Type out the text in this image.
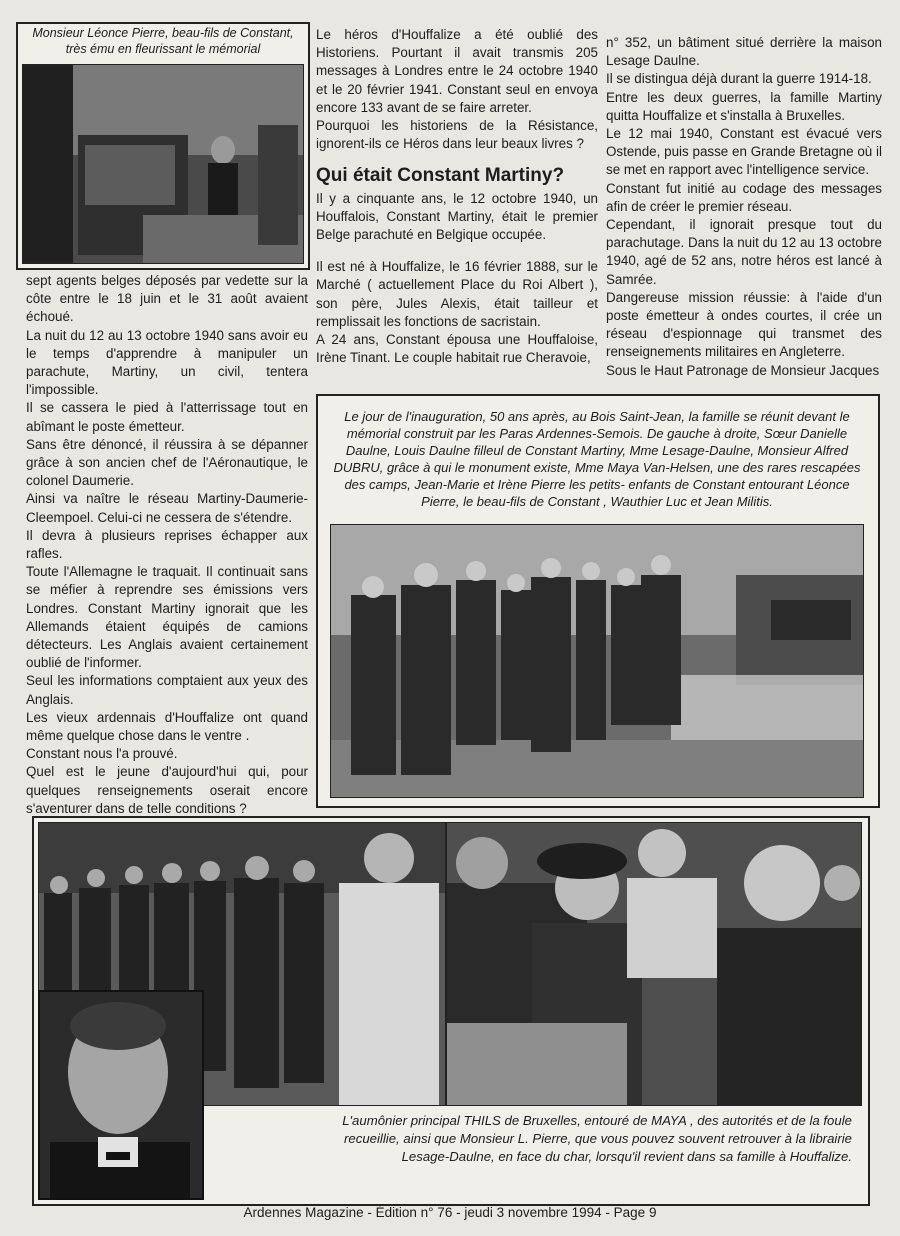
Monsieur Léonce Pierre, beau-fils de Constant, très ému en fleurissant le mémorial

sept agents belges déposés par vedette sur la côte entre le 18 juin et le 31 août avaient échoué.

La nuit du 12 au 13 octobre 1940 sans avoir eu le temps d'apprendre à manipuler un parachute, Martiny, un civil, tentera l'impossible.

Il se cassera le pied à l'atterrissage tout en abîmant le poste émetteur.

Sans être dénoncé, il réussira à se dépanner grâce à son ancien chef de l'Aéronautique, le colonel Daumerie.

Ainsi va naître le réseau Martiny-Daumerie-Cleempoel. Celui-ci ne cessera de s'étendre.

Il devra à plusieurs reprises échapper aux rafles.

Toute l'Allemagne le traquait. Il continuait sans se méfier à reprendre ses émissions vers Londres. Constant Martiny ignorait que les Allemands étaient équipés de camions détecteurs. Les Anglais avaient certainement oublié de l'informer.

Seul les informations comptaient aux yeux des Anglais.

Les vieux ardennais d'Houffalize ont quand même quelque chose dans le ventre .

Constant nous l'a prouvé.

Quel est le jeune d'aujourd'hui qui, pour quelques renseignements oserait encore s'aventurer dans de telle conditions ?

Le héros d'Houffalize a été oublié des Historiens. Pourtant il avait transmis 205 messages à Londres entre le 24 octobre 1940 et le 20 février 1941. Constant seul en envoya encore 133 avant de se faire arreter.

Pourquoi les historiens de la Résistance, ignorent-ils ce Héros dans leur beaux livres ?

Qui était Constant Martiny?

Il y a cinquante ans, le 12 octobre 1940, un Houffalois, Constant Martiny, était le premier Belge parachuté en Belgique occupée.

Il est né à Houffalize, le 16 février 1888, sur le Marché ( actuellement Place du Roi Albert ), son père, Jules Alexis, était tailleur et remplissait les fonctions de sacristain.

A 24 ans, Constant épousa une Houffaloise, Irène Tinant. Le couple habitait rue Cheravoie,

n° 352, un bâtiment situé derrière la maison Lesage Daulne.

Il se distingua déjà durant la guerre 1914-18.

Entre les deux guerres, la famille Martiny quitta Houffalize et s'installa à Bruxelles.

Le 12 mai 1940, Constant est évacué vers Ostende, puis passe en Grande Bretagne où il se met en rapport avec l'intelligence service.

Constant fut initié au codage des messages afin de créer le premier réseau.

Cependant, il ignorait presque tout du parachutage. Dans la nuit du 12 au 13 octobre 1940, agé de 52 ans, notre héros est lancé à Samrée.

Dangereuse mission réussie: à l'aide d'un poste émetteur à ondes courtes, il crée un réseau d'espionnage qui transmet des renseignements militaires en Angleterre.

Sous le Haut Patronage de Monsieur Jacques

Le jour de l'inauguration, 50 ans après, au Bois Saint-Jean, la famille se réunit devant le mémorial construit par les Paras Ardennes-Semois. De gauche à droite, Sœur Danielle Daulne, Louis Daulne filleul de Constant Martiny, Mme Lesage-Daulne, Monsieur Alfred DUBRU, grâce à qui le monument existe, Mme Maya Van-Helsen, une des rares rescapées des camps, Jean-Marie et Irène Pierre les petits- enfants de Constant entourant Léonce Pierre, le beau-fils de Constant , Wauthier Luc et Jean Militis.
L'aumônier principal THILS de Bruxelles, entouré de MAYA , des autorités et de la foule recueillie, ainsi que Monsieur L. Pierre, que vous pouvez souvent retrouver à la librairie Lesage-Daulne, en face du char, lorsqu'il revient dans sa famille à Houffalize.
Ardennes Magazine - Édition n° 76 - jeudi 3 novembre 1994 - Page 9
